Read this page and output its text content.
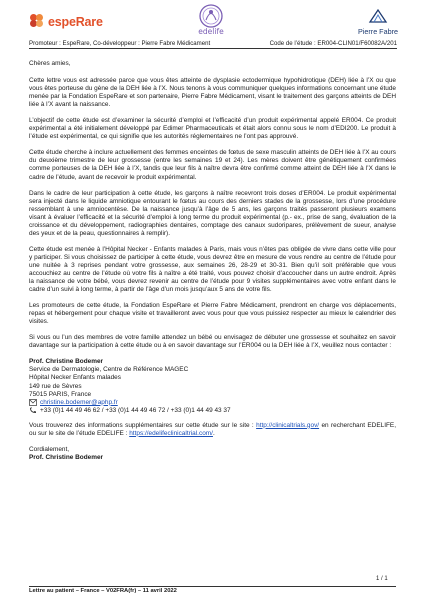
espeRare
edelife	Pierre Fabre
Promoteur : EspeRare, Co-développeur : Pierre Fabre Médicament	Code de l’étude : ER004-CLIN01/F60082A/201

Chères amies,

Cette lettre vous est adressée parce que vous êtes atteinte de dysplasie ectodermique hypohidrotique (DEH) liée à l’X ou que vous êtes porteuse du gène de la DEH liée à l’X. Nous tenons à vous communiquer quelques informations concernant une étude menée par la Fondation EspeRare et son partenaire, Pierre Fabre Médicament, visant le traitement des garçons atteints de DEH liée à l’X avant la naissance.

L’objectif de cette étude est d’examiner la sécurité d’emploi et l’efficacité d’un produit expérimental appelé ER004. Ce produit expérimental a été initialement développé par Edimer Pharmaceuticals et était alors connu sous le nom d’EDI200. Le produit à l’étude est expérimental, ce qui signifie que les autorités réglementaires ne l’ont pas approuvé.

Cette étude cherche à inclure actuellement des femmes enceintes de fœtus de sexe masculin atteints de DEH liée à l’X au cours du deuxième trimestre de leur grossesse (entre les semaines 19 et 24). Les mères doivent être génétiquement confirmées comme porteuses de la DEH liée à l’X, tandis que leur fils à naître devra être confirmé comme atteint de DEH liée à l’X dans le cadre de l’étude, avant de recevoir le produit expérimental.

Dans le cadre de leur participation à cette étude, les garçons à naître recevront trois doses d’ER004. Le produit expérimental sera injecté dans le liquide amniotique entourant le fœtus au cours des derniers stades de la grossesse, lors d’une procédure ressemblant à une amniocentèse. De la naissance jusqu’à l’âge de 5 ans, les garçons traités passeront plusieurs examens visant à évaluer l’efficacité et la sécurité d’emploi à long terme du produit expérimental (p.- ex., prise de sang, évaluation de la croissance et du développement, radiographies dentaires, comptage des canaux sudoripares, prélèvement de sueur, analyse des yeux et de la peau, questionnaires à remplir).

Cette étude est menée à l’Hôpital Necker - Enfants malades à Paris, mais vous n’êtes pas obligée de vivre dans cette ville pour y participer. Si vous choisissez de participer à cette étude, vous devrez être en mesure de vous rendre au centre de l’étude pour une nuitée à 3 reprises pendant votre grossesse, aux semaines 26, 28-29 et 30-31. Bien qu’il soit préférable que vous accouchiez au centre de l’étude où votre fils à naître a été traité, vous pouvez choisir d’accoucher dans un autre endroit. Après la naissance de votre bébé, vous devrez revenir au centre de l’étude pour 9 visites supplémentaires avec votre enfant dans le cadre d’un suivi à long terme, à partir de l’âge d’un mois jusqu’aux 5 ans de votre fils.

Les promoteurs de cette étude, la Fondation EspeRare et Pierre Fabre Médicament, prendront en charge vos déplacements, repas et hébergement pour chaque visite et travailleront avec vous pour que vous puissiez respecter au mieux le calendrier des visites.

Si vous ou l’un des membres de votre famille attendez un bébé ou envisagez de débuter une grossesse et souhaitez en savoir davantage sur la participation à cette étude ou à en savoir davantage sur l’ER004 ou la DEH liée à l’X, veuillez nous contacter :

Prof. Christine Bodemer
Service de Dermatologie, Centre de Référence MAGEC
Hôpital Necker Enfants malades
149 rue de Sèvres
75015 PARIS, France
christine.bodemer@aphp.fr
+33 (0)1 44 49 46 62 / +33 (0)1 44 49 46 72 / +33 (0)1 44 49 43 37

Vous trouverez des informations supplémentaires sur cette étude sur le site : http://clinicaltrials.gov/ en recherchant EDELIFE, ou sur le site de l’étude EDELIFE : https://edelifeclinicaltrial.com/.

Cordialement,
Prof. Christine Bodemer
1 / 1
Lettre au patient – France – V02FRA(fr) – 11 avril 2022
